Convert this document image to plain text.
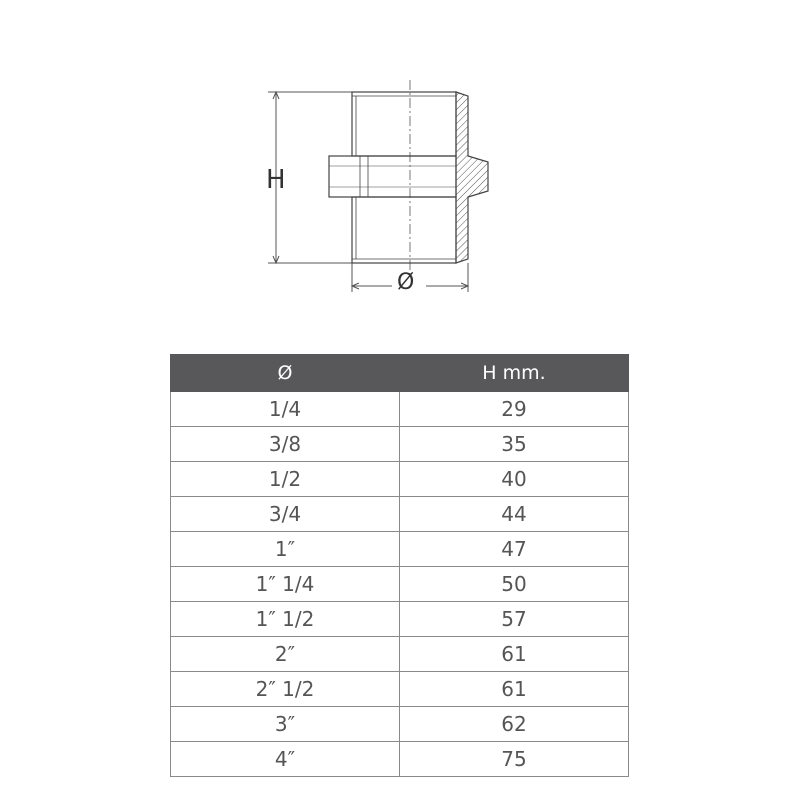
H
Ø
Ø	H mm.
1/4	29
3/8	35
1/2	40
3/4	44
1″	47
1″ 1/4	50
1″ 1/2	57
2″	61
2″ 1/2	61
3″	62
4″	75
